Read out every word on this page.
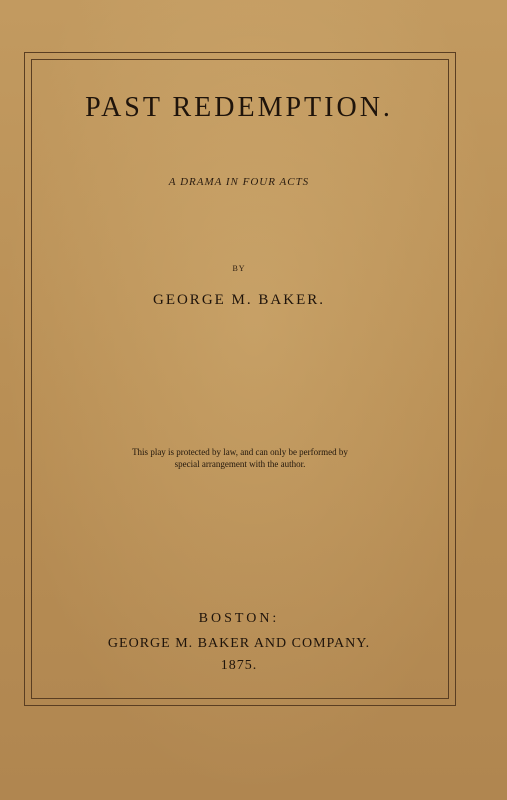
PAST REDEMPTION.
A DRAMA IN FOUR ACTS
BY
GEORGE M. BAKER.
This play is protected by law, and can only be performed by
special arrangement with the author.
BOSTON:
GEORGE M. BAKER AND COMPANY.
1875.
